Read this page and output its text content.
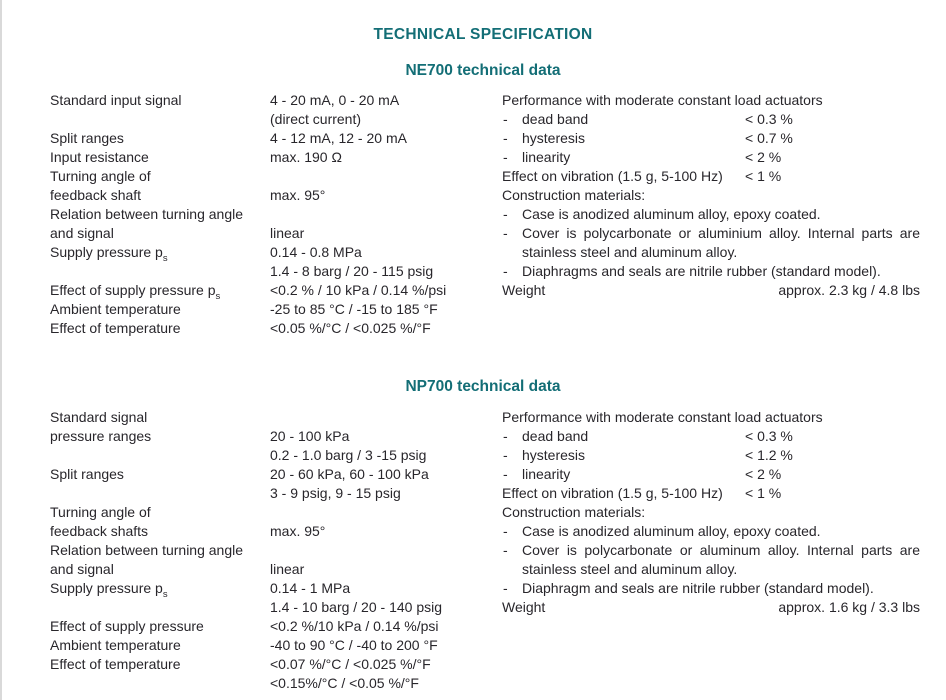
TECHNICAL SPECIFICATION
NE700 technical data
Standard input signal	4 - 20 mA, 0 - 20 mA
(direct current)
Split ranges	4 - 12 mA, 12 - 20 mA
Input resistance	max. 190 Ω
Turning angle of
feedback shaft	max. 95°
Relation between turning angle
and signal	linear
Supply pressure $p_s$	0.14 - 0.8 MPa
1.4 - 8 barg / 20 - 115 psig
Effect of supply pressure $p_s$	<0.2 % / 10 kPa / 0.14 %/psi
Ambient temperature	-25 to 85 °C / -15 to 185 °F
Effect of temperature	<0.05 %/°C / <0.025 %/°F
Performance with moderate constant load actuators
- dead band	< 0.3 %
- hysteresis	< 0.7 %
- linearity	< 2 %
Effect on vibration (1.5 g, 5-100 Hz)	< 1 %
Construction materials:
- Case is anodized aluminum alloy, epoxy coated.
- Cover is polycarbonate or aluminium alloy. Internal parts are
stainless steel and aluminum alloy.
- Diaphragms and seals are nitrile rubber (standard model).
Weight	approx. 2.3 kg / 4.8 lbs
NP700 technical data
Standard signal
pressure ranges	20 - 100 kPa
0.2 - 1.0 barg / 3 -15 psig
Split ranges	20 - 60 kPa, 60 - 100 kPa
3 - 9 psig, 9 - 15 psig
Turning angle of
feedback shafts	max. 95°
Relation between turning angle
and signal	linear
Supply pressure $p_s$	0.14 - 1 MPa
1.4 - 10 barg / 20 - 140 psig
Effect of supply pressure	<0.2 %/10 kPa / 0.14 %/psi
Ambient temperature	-40 to 90 °C / -40 to 200 °F
Effect of temperature	<0.07 %/°C / <0.025 %/°F
<0.15%/°C / <0.05 %/°F
Performance with moderate constant load actuators
- dead band	< 0.3 %
- hysteresis	< 1.2 %
- linearity	< 2 %
Effect on vibration (1.5 g, 5-100 Hz)	< 1 %
Construction materials:
- Case is anodized aluminum alloy, epoxy coated.
- Cover is polycarbonate or aluminum alloy. Internal parts are
stainless steel and aluminum alloy.
- Diaphragm and seals are nitrile rubber (standard model).
Weight	approx. 1.6 kg / 3.3 lbs
